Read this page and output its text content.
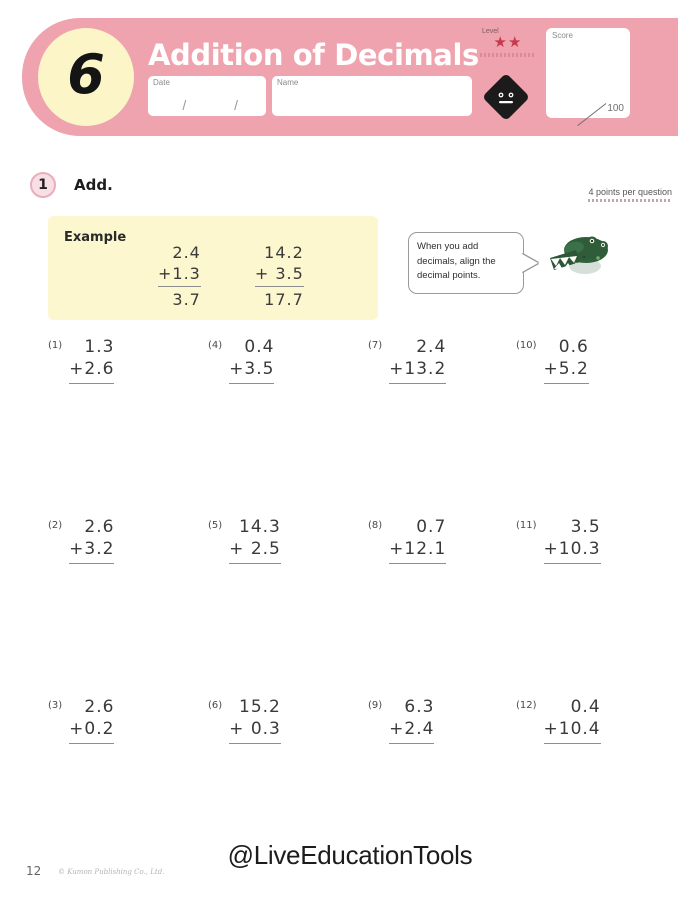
6 Addition of Decimals
Date
/ /
Name
Level
★★	Score
100
1 Add.	4 points per question
Example
2.4
+1.3
3.7
14.2
+ 3.5
17.7
When you add decimals, align the decimal points.
(1)	1.3
+2.6

(2)	2.6
+3.2

(3)	2.6
+0.2

(4)	0.4
+3.5

(5) 14.3
+ 2.5

(6) 15.2
+ 0.3

(7)	2.4
+13.2

(8)	0.7
+12.1

(9)	6.3
+2.4

(10)	0.6
+5.2

(11)	3.5
+10.3

(12)	0.4
+10.4

12 © Kumon Publishing Co., Ltd.
@LiveEducationTools
